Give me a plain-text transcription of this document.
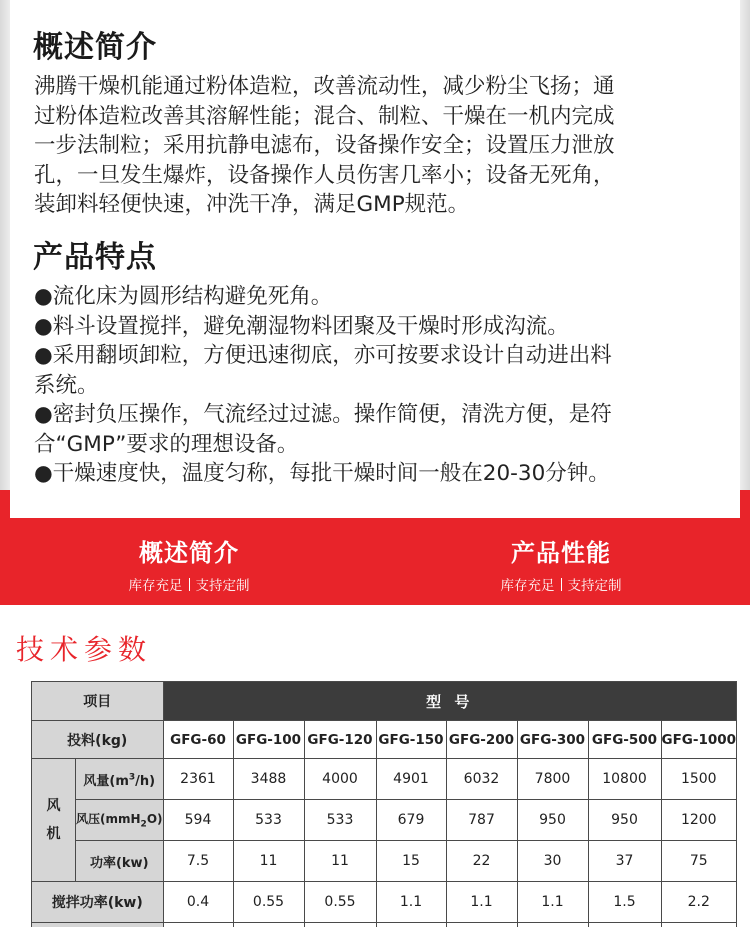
概述简介

沸腾干燥机能通过粉体造粒，改善流动性，减少粉尘飞扬；通

过粉体造粒改善其溶解性能；混合、制粒、干燥在一机内完成

一步法制粒；采用抗静电滤布，设备操作安全；设置压力泄放

孔，一旦发生爆炸，设备操作人员伤害几率小；设备无死角，

装卸料轻便快速，冲洗干净，满足GMP规范。

产品特点
●流化床为圆形结构避免死角。
●料斗设置搅拌，避免潮湿物料团聚及干燥时形成沟流。
●采用翻顷卸粒，方便迅速彻底，亦可按要求设计自动进出料
系统。
●密封负压操作，气流经过过滤。操作简便，清洗方便，是符
合“GMP”要求的理想设备。
●干燥速度快，温度匀称，每批干燥时间一般在20-30分钟。
概述简介
库存充足 支持定制
产品性能
库存充足 支持定制
技术参数
项目		型 号							
投料(kg)		GFG-60	GFG-100	GFG-120	GFG-150	GFG-200	GFG-300	GFG-500	GFG-1000
风
机	风量$(m^3/h)$	2361	3488	4000	4901	6032	7800	10800	1500
	风压(mmH$_2$O)	594	533	533	679	787	950	950	1200
	功率(kw)	7.5	11	11	15	22	30	37	75
搅拌功率(kw)		0.4	0.55	0.55	1.1	1.1	1.1	1.5	2.2
